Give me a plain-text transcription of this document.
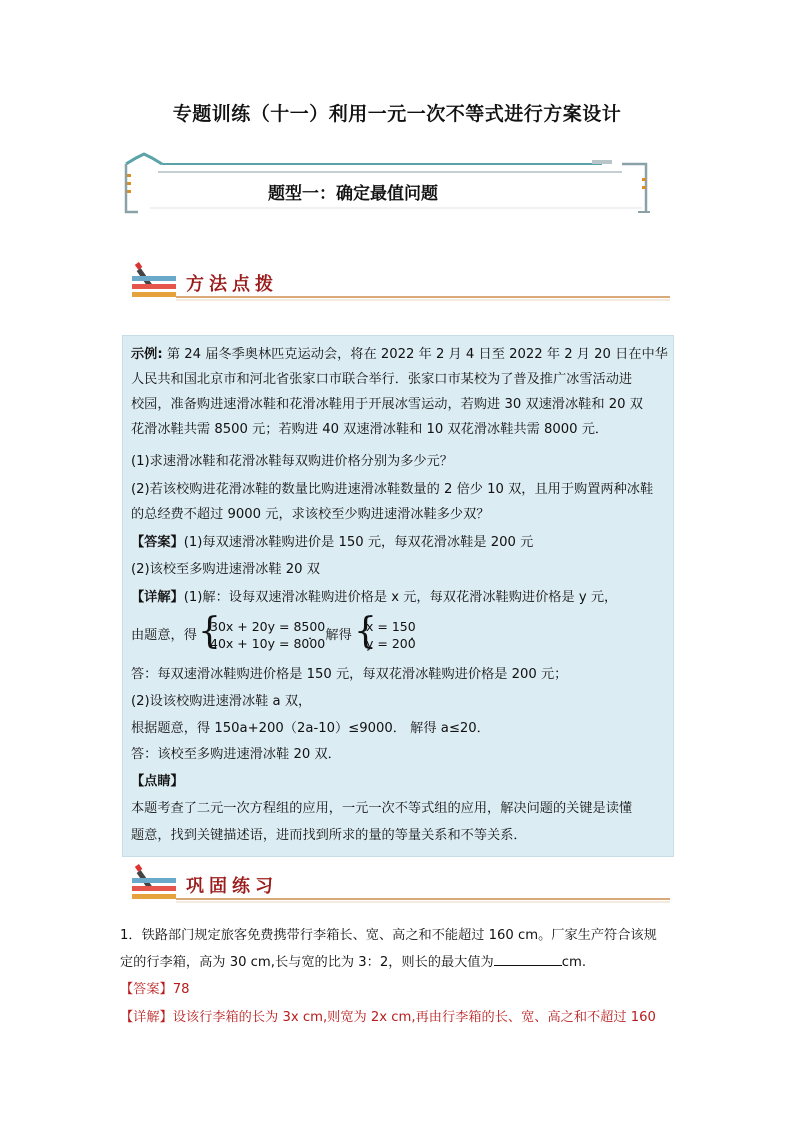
专题训练（十一）利用一元一次不等式进行方案设计
题型一：确定最值问题
方法点拨
示例: 第 24 届冬季奥林匹克运动会，将在 2022 年 2 月 4 日至 2022 年 2 月 20 日在中华
人民共和国北京市和河北省张家口市联合举行．张家口市某校为了普及推广冰雪活动进
校园，准备购进速滑冰鞋和花滑冰鞋用于开展冰雪运动，若购进 30 双速滑冰鞋和 20 双
花滑冰鞋共需 8500 元；若购进 40 双速滑冰鞋和 10 双花滑冰鞋共需 8000 元．
(1)求速滑冰鞋和花滑冰鞋每双购进价格分别为多少元？
(2)若该校购进花滑冰鞋的数量比购进速滑冰鞋数量的 2 倍少 10 双，且用于购置两种冰鞋
的总经费不超过 9000 元，求该校至少购进速滑冰鞋多少双？
【答案】(1)每双速滑冰鞋购进价是 150 元，每双花滑冰鞋是 200 元
(2)该校至多购进速滑冰鞋 20 双
【详解】(1)解：设每双速滑冰鞋购进价格是 x 元，每双花滑冰鞋购进价格是 y 元，
由题意，得 {
30x + 20y = 8500
40x + 10y = 8000
． 解得 {
x = 150
y = 200
．
答：每双速滑冰鞋购进价格是 150 元，每双花滑冰鞋购进价格是 200 元；
(2)设该校购进速滑冰鞋 a 双，
根据题意，得 150a+200（2a-10）≤9000． 解得 a≤20．
答：该校至多购进速滑冰鞋 20 双．
【点睛】
本题考查了二元一次方程组的应用，一元一次不等式组的应用，解决问题的关键是读懂
题意，找到关键描述语，进而找到所求的量的等量关系和不等关系．
巩固练习
1．铁路部门规定旅客免费携带行李箱长、宽、高之和不能超过 160 cm。厂家生产符合该规
定的行李箱，高为 30 cm,长与宽的比为 3：2，则长的最大值为	cm.
【答案】78
【详解】设该行李箱的长为 3x cm,则宽为 2x cm,再由行李箱的长、宽、高之和不超过 160
